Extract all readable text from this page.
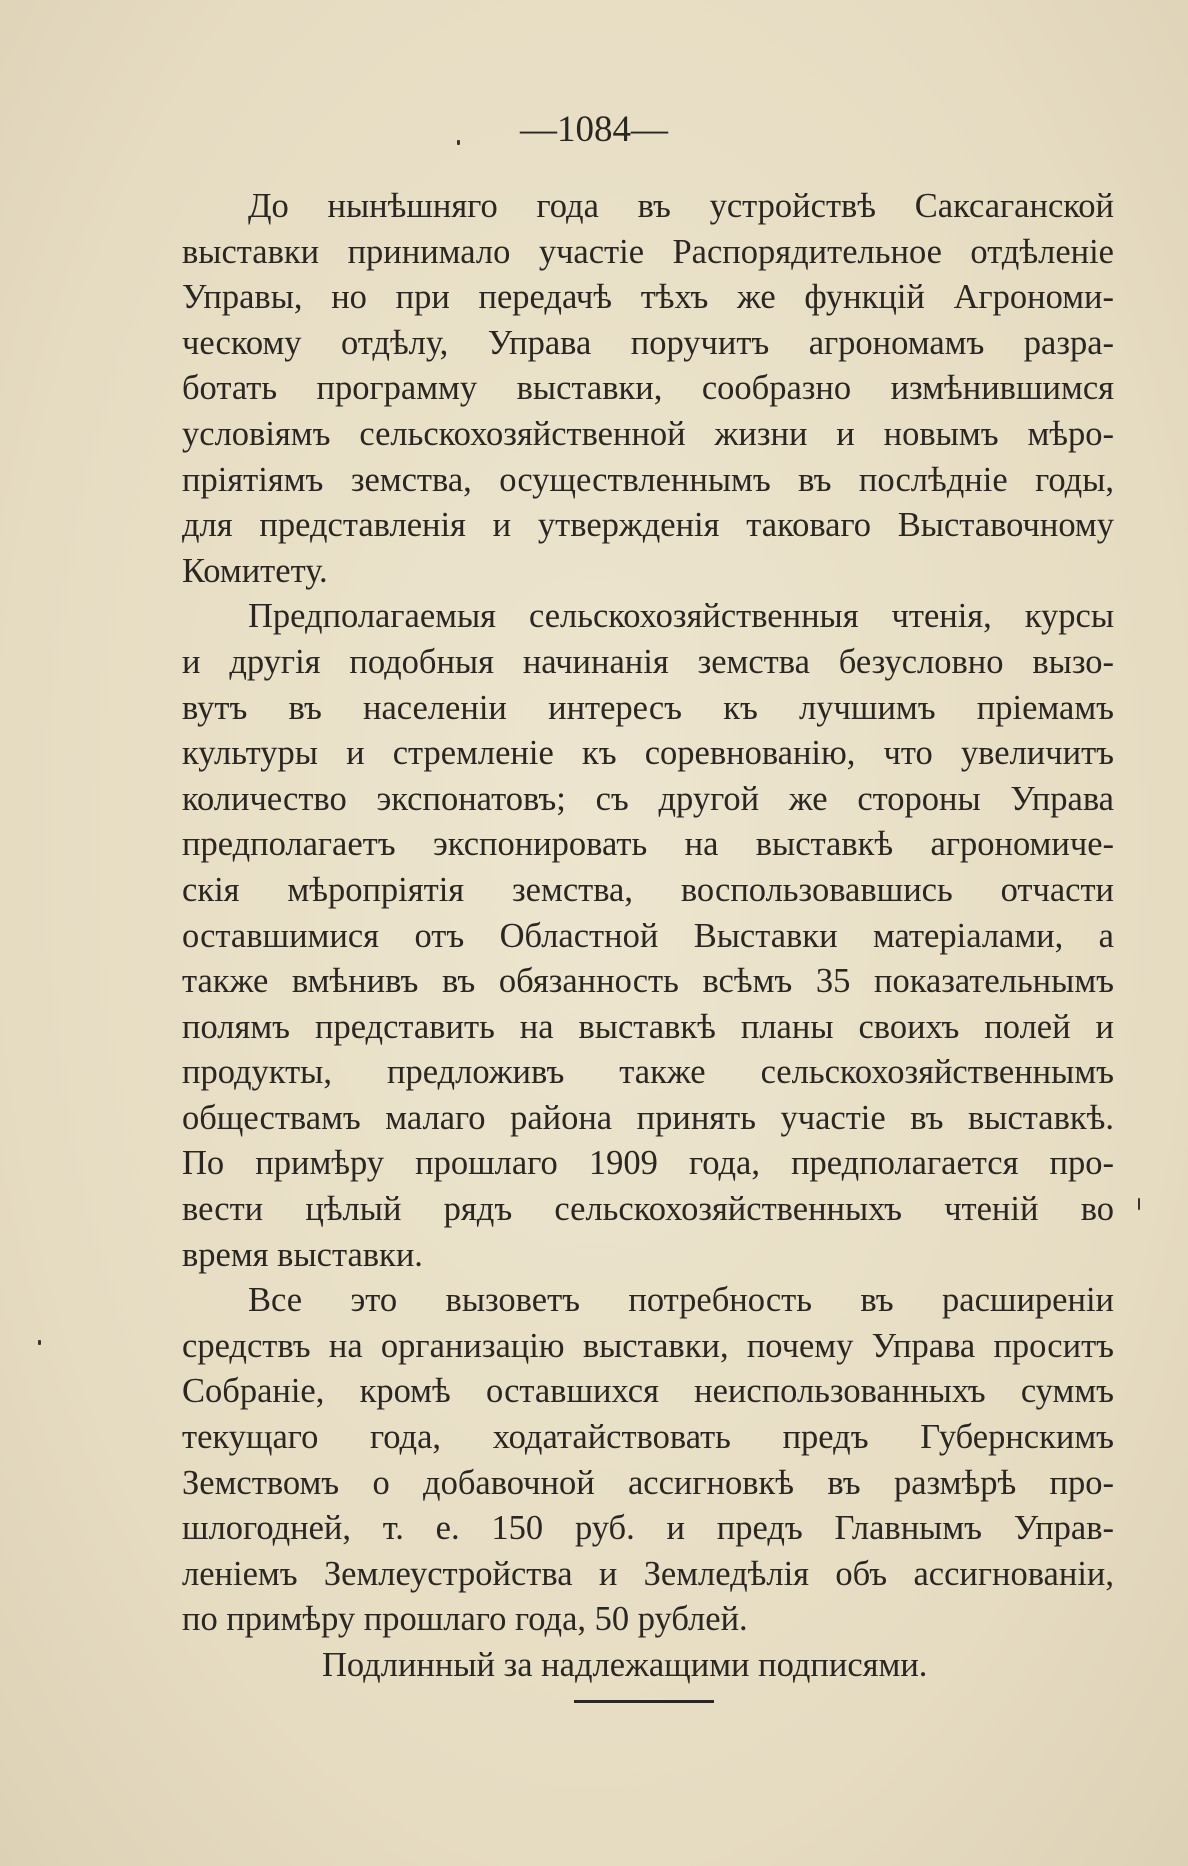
—1084—
До нынѣшняго года въ устройствѣ Саксаганской
выставки принимало участіе Распорядительное отдѣленіе
Управы, но при передачѣ тѣхъ же функцій Агрономи-
ческому отдѣлу, Управа поручитъ агрономамъ разра-
ботать программу выставки, сообразно измѣнившимся
условіямъ сельскохозяйственной жизни и новымъ мѣро-
пріятіямъ земства, осуществленнымъ въ послѣдніе годы,
для представленія и утвержденія таковаго Выставочному
Комитету.
Предполагаемыя сельскохозяйственныя чтенія, курсы
и другія подобныя начинанія земства безусловно вызо-
вутъ въ населеніи интересъ къ лучшимъ пріемамъ
культуры и стремленіе къ соревнованію, что увеличитъ
количество экспонатовъ; съ другой же стороны Управа
предполагаетъ экспонировать на выставкѣ агрономиче-
скія мѣропріятія земства, воспользовавшись отчасти
оставшимися отъ Областной Выставки матеріалами, а
также вмѣнивъ въ обязанность всѣмъ 35 показательнымъ
полямъ представить на выставкѣ планы своихъ полей и
продукты, предложивъ также сельскохозяйственнымъ
обществамъ малаго района принять участіе въ выставкѣ.
По примѣру прошлаго 1909 года, предполагается про-
вести цѣлый рядъ сельскохозяйственныхъ чтеній во
время выставки.
Все это вызоветъ потребность въ расширеніи
средствъ на организацію выставки, почему Управа проситъ
Собраніе, кромѣ оставшихся неиспользованныхъ суммъ
текущаго года, ходатайствовать предъ Губернскимъ
Земствомъ о добавочной ассигновкѣ въ размѣрѣ про-
шлогодней, т. е. 150 руб. и предъ Главнымъ Управ-
леніемъ Землеустройства и Земледѣлія объ ассигнованіи,
по примѣру прошлаго года, 50 рублей.
Подлинный за надлежащими подписями.
